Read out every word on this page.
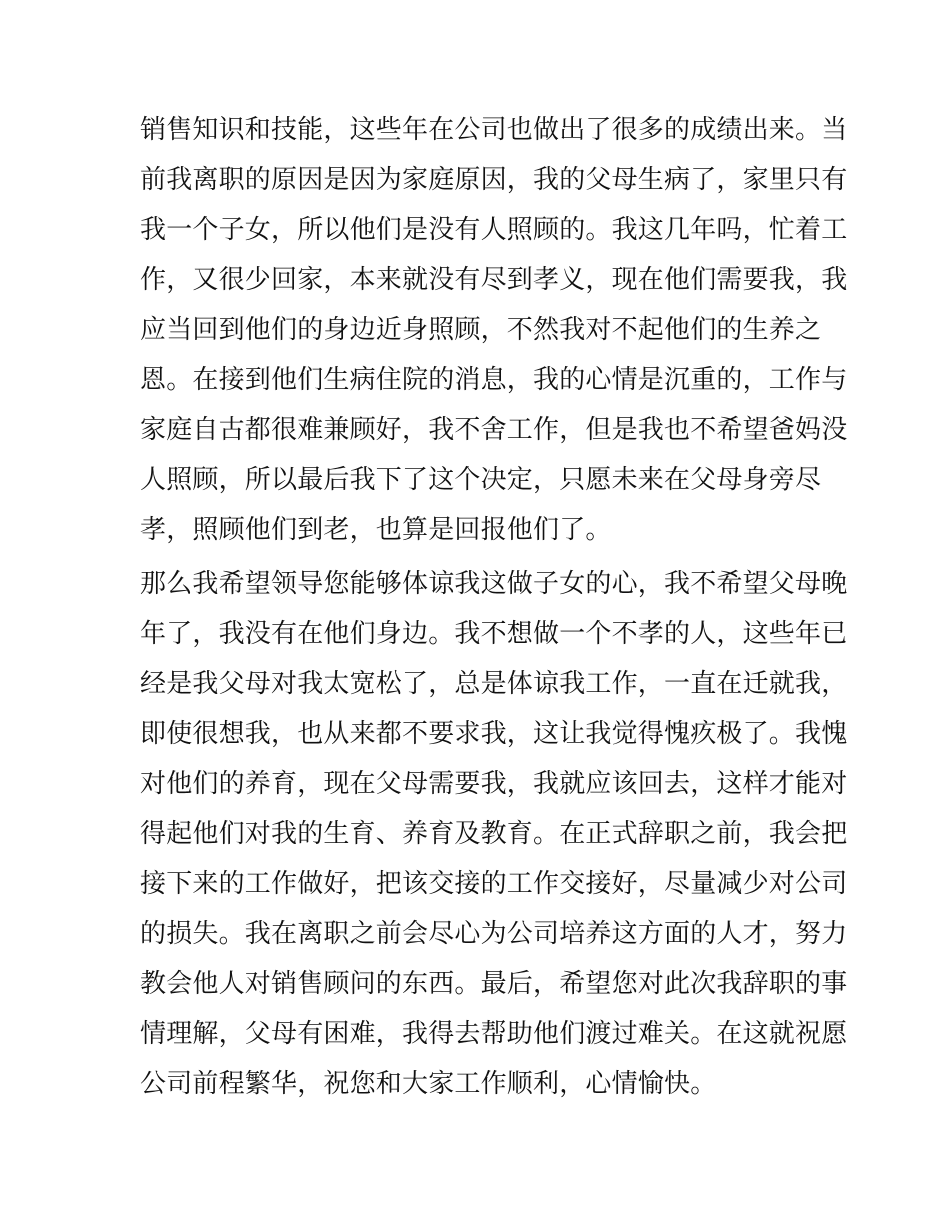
销售知识和技能，这些年在公司也做出了很多的成绩出来。当
前我离职的原因是因为家庭原因，我的父母生病了，家里只有
我一个子女，所以他们是没有人照顾的。我这几年吗，忙着工
作，又很少回家，本来就没有尽到孝义，现在他们需要我，我
应当回到他们的身边近身照顾，不然我对不起他们的生养之
恩。在接到他们生病住院的消息，我的心情是沉重的，工作与
家庭自古都很难兼顾好，我不舍工作，但是我也不希望爸妈没
人照顾，所以最后我下了这个决定，只愿未来在父母身旁尽
孝，照顾他们到老，也算是回报他们了。
那么我希望领导您能够体谅我这做子女的心，我不希望父母晚
年了，我没有在他们身边。我不想做一个不孝的人，这些年已
经是我父母对我太宽松了，总是体谅我工作，一直在迁就我，
即使很想我，也从来都不要求我，这让我觉得愧疚极了。我愧
对他们的养育，现在父母需要我，我就应该回去，这样才能对
得起他们对我的生育、养育及教育。在正式辞职之前，我会把
接下来的工作做好，把该交接的工作交接好，尽量减少对公司
的损失。我在离职之前会尽心为公司培养这方面的人才，努力
教会他人对销售顾问的东西。最后，希望您对此次我辞职的事
情理解，父母有困难，我得去帮助他们渡过难关。在这就祝愿
公司前程繁华，祝您和大家工作顺利，心情愉快。
